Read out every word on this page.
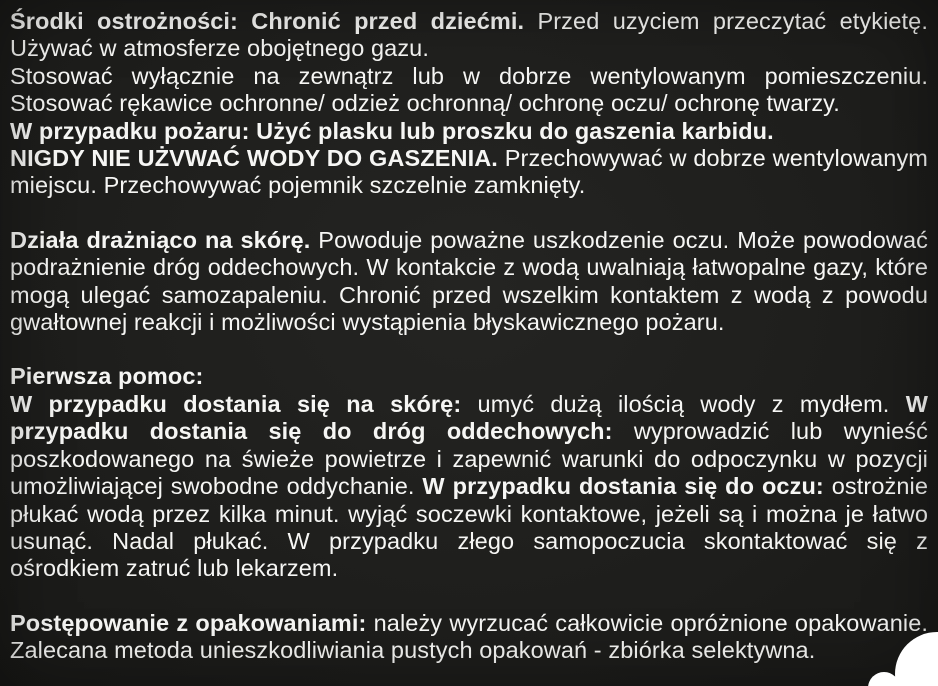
Środki ostrożności: Chronić przed dziećmi. Przed uzyciem przeczytać etykietę.
Używać w atmosferze obojętnego gazu.
Stosować wyłącznie na zewnątrz lub w dobrze wentylowanym pomieszczeniu.
Stosować rękawice ochronne/ odzież ochronną/ ochronę oczu/ ochronę twarzy.
W przypadku pożaru: Użyć plasku lub proszku do gaszenia karbidu.

NIGDY NIE UŻVWAĆ WODY DO GASZENIA. Przechowywać w dobrze wentylowanym miejscu. Przechowywać pojemnik szczelnie zamknięty.

Działa drażniąco na skórę. Powoduje poważne uszkodzenie oczu. Może powodować podrażnienie dróg oddechowych. W kontakcie z wodą uwalniają łatwopalne gazy, które mogą ulegać samozapaleniu. Chronić przed wszelkim kontaktem z wodą z powodu gwałtownej reakcji i możliwości wystąpienia błyskawicznego pożaru.

Pierwsza pomoc:

W przypadku dostania się na skórę: umyć dużą ilością wody z mydłem. W przypadku dostania się do dróg oddechowych: wyprowadzić lub wynieść poszkodowanego na świeże powietrze i zapewnić warunki do odpoczynku w pozycji umożliwiającej swobodne oddychanie. W przypadku dostania się do oczu: ostrożnie płukać wodą przez kilka minut. wyjąć soczewki kontaktowe, jeżeli są i można je łatwo usunąć. Nadal płukać. W przypadku złego samopoczucia skontaktować się z ośrodkiem zatruć lub lekarzem.

Postępowanie z opakowaniami: należy wyrzucać całkowicie opróżnione opakowanie. Zalecana metoda unieszkodliwiania pustych opakowań - zbiórka selektywna.
